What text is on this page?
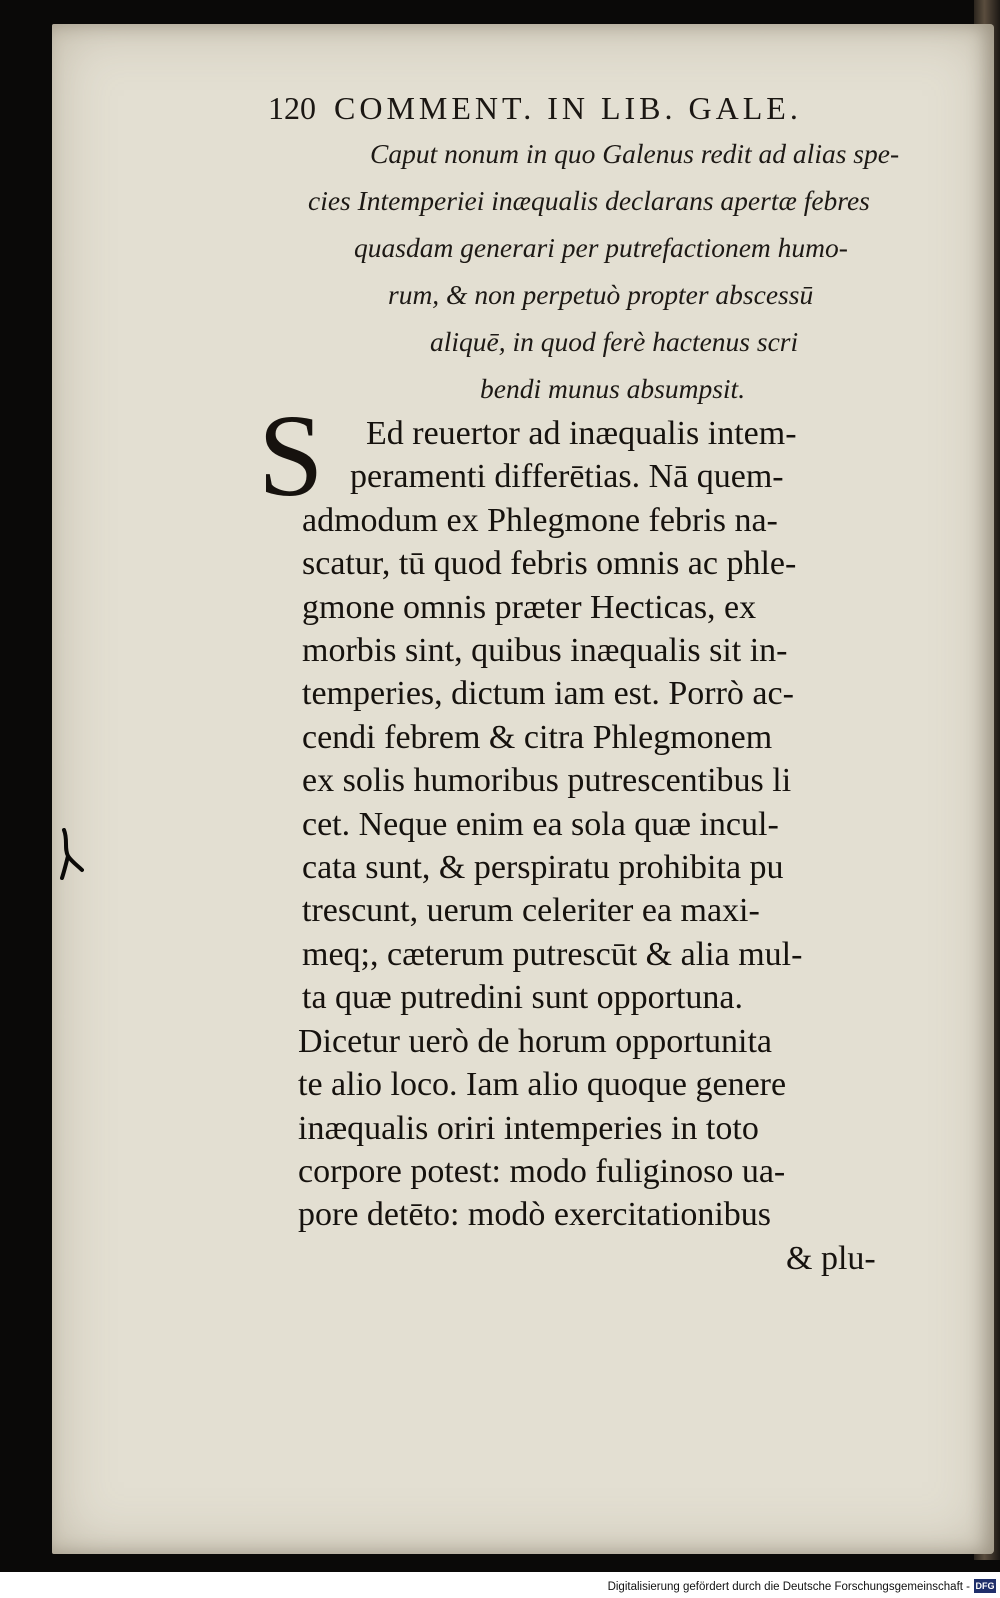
120 COMMENT. IN LIB. GALE.
Caput nonum in quo Galenus redit ad alias spe-
cies Intemperiei inæqualis declarans apertæ febres
quasdam generari per putrefactionem humo-
rum, & non perpetuò propter abscessū
aliquē, in quod ferè hactenus scri
bendi munus absumpsit.
S	Ed reuertor ad inæqualis intem-
peramenti differētias. Nā quem-
admodum ex Phlegmone febris na-
scatur, tū quod febris omnis ac phle-
gmone omnis præter Hecticas, ex
morbis sint, quibus inæqualis sit in-
temperies, dictum iam est. Porrò ac-
cendi febrem & citra Phlegmonem
ex solis humoribus putrescentibus li
cet. Neque enim ea sola quæ incul-
cata sunt, & perspiratu prohibita pu
trescunt, uerum celeriter ea maxi-
meq;, cæterum putrescūt & alia mul-
ta quæ putredini sunt opportuna.
Dicetur uerò de horum opportunita
te alio loco. Iam alio quoque genere
inæqualis oriri intemperies in toto
corpore potest: modo fuliginoso ua-
pore detēto: modò exercitationibus
& plu-
Digitalisierung gefördert durch die Deutsche Forschungsgemeinschaft - DFG
